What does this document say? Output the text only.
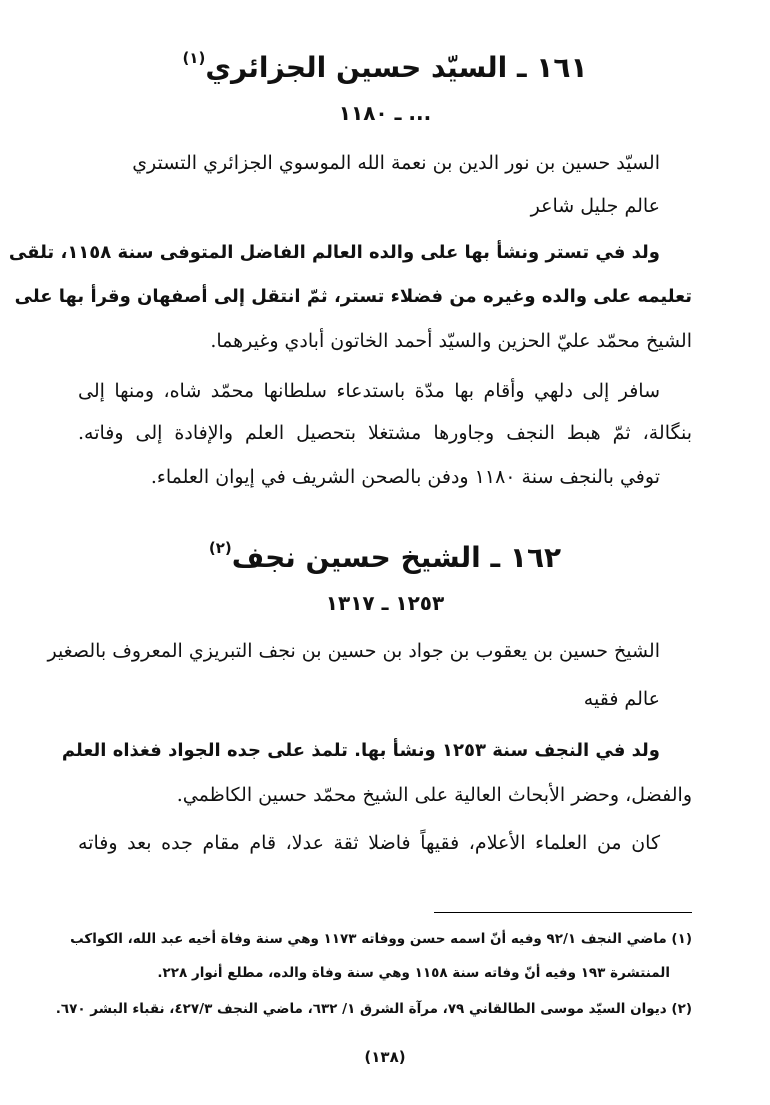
١٦١ ـ السيّد حسين الجزائري$^{(١)}$
... ـ ١١٨٠
السيّد حسين بن نور الدين بن نعمة الله الموسوي الجزائري التستري
عالم جليل شاعر
ولد في تستر ونشأ بها على والده العالم الفاضل المتوفى سنة ١١٥٨، تلقى
تعليمه على والده وغيره من فضلاء تستر، ثمّ انتقل إلى أصفهان وقرأ بها على
الشيخ محمّد عليّ الحزين والسيّد أحمد الخاتون أبادي وغيرهما.
سافر إلى دلهي وأقام بها مدّة باستدعاء سلطانها محمّد شاه، ومنها إلى
بنگالة، ثمّ هبط النجف وجاورها مشتغلا بتحصيل العلم والإفادة إلى وفاته.
توفي بالنجف سنة ١١٨٠ ودفن بالصحن الشريف في إيوان العلماء.
١٦٢ ـ الشيخ حسين نجف$^{(٢)}$
١٢٥٣ ـ ١٣١٧
الشيخ حسين بن يعقوب بن جواد بن حسين بن نجف التبريزي المعروف بالصغير
عالم فقيه
ولد في النجف سنة ١٢٥٣ ونشأ بها. تلمذ على جده الجواد فغذاه العلم
والفضل، وحضر الأبحاث العالية على الشيخ محمّد حسين الكاظمي.
كان من العلماء الأعلام، فقيهاً فاضلا ثقة عدلا، قام مقام جده بعد وفاته
(١) ماضي النجف ٩٢/١ وفيه أنّ اسمه حسن ووفاته ١١٧٣ وهي سنة وفاة أخيه عبد الله، الكواكب
المنتشرة ١٩٣ وفيه أنّ وفاته سنة ١١٥٨ وهي سنة وفاة والده، مطلع أنوار ٢٢٨.
(٢) ديوان السيّد موسى الطالقاني ٧٩، مرآة الشرق ١/ ٦٣٢، ماضي النجف ٤٢٧/٣، نقباء البشر ٦٧٠.
(١٣٨)
